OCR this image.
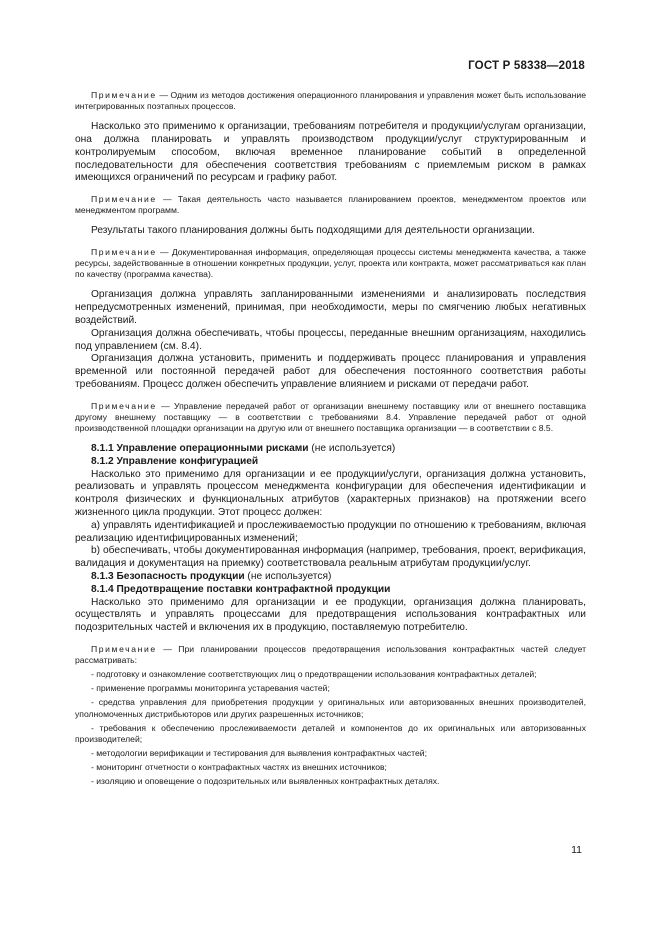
ГОСТ Р 58338—2018

Примечание — Одним из методов достижения операционного планирования и управления может быть использование интегрированных поэтапных процессов.

Насколько это применимо к организации, требованиям потребителя и продукции/услугам организации, она должна планировать и управлять производством продукции/услуг структурированным и контролируемым способом, включая временное планирование событий в определенной последовательности для обеспечения соответствия требованиям с приемлемым риском в рамках имеющихся ограничений по ресурсам и графику работ.

Примечание — Такая деятельность часто называется планированием проектов, менеджментом проектов или менеджментом программ.

Результаты такого планирования должны быть подходящими для деятельности организации.

Примечание — Документированная информация, определяющая процессы системы менеджмента качества, а также ресурсы, задействованные в отношении конкретных продукции, услуг, проекта или контракта, может рассматриваться как план по качеству (программа качества).

Организация должна управлять запланированными изменениями и анализировать последствия непредусмотренных изменений, принимая, при необходимости, меры по смягчению любых негативных воздействий.

Организация должна обеспечивать, чтобы процессы, переданные внешним организациям, находились под управлением (см. 8.4).

Организация должна установить, применить и поддерживать процесс планирования и управления временной или постоянной передачей работ для обеспечения постоянного соответствия работы требованиям. Процесс должен обеспечить управление влиянием и рисками от передачи работ.

Примечание — Управление передачей работ от организации внешнему поставщику или от внешнего поставщика другому внешнему поставщику — в соответствии с требованиями 8.4. Управление передачей работ от одной производственной площадки организации на другую или от внешнего поставщика организации — в соответствии с 8.5.

8.1.1 Управление операционными рисками (не используется)

8.1.2 Управление конфигурацией

Насколько это применимо для организации и ее продукции/услуги, организация должна установить, реализовать и управлять процессом менеджмента конфигурации для обеспечения идентификации и контроля физических и функциональных атрибутов (характерных признаков) на протяжении всего жизненного цикла продукции. Этот процесс должен:

a) управлять идентификацией и прослеживаемостью продукции по отношению к требованиям, включая реализацию идентифицированных изменений;

b) обеспечивать, чтобы документированная информация (например, требования, проект, верификация, валидация и документация на приемку) соответствовала реальным атрибутам продукции/услуг.

8.1.3 Безопасность продукции (не используется)

8.1.4 Предотвращение поставки контрафактной продукции

Насколько это применимо для организации и ее продукции, организация должна планировать, осуществлять и управлять процессами для предотвращения использования контрафактных или подозрительных частей и включения их в продукцию, поставляемую потребителю.

Примечание — При планировании процессов предотвращения использования контрафактных частей следует рассматривать:

- подготовку и ознакомление соответствующих лиц о предотвращении использования контрафактных деталей;

- применение программы мониторинга устаревания частей;

- средства управления для приобретения продукции у оригинальных или авторизованных внешних производителей, уполномоченных дистрибьюторов или других разрешенных источников;

- требования к обеспечению прослеживаемости деталей и компонентов до их оригинальных или авторизованных производителей;

- методологии верификации и тестирования для выявления контрафактных частей;

- мониторинг отчетности о контрафактных частях из внешних источников;

- изоляцию и оповещение о подозрительных или выявленных контрафактных деталях.

11
